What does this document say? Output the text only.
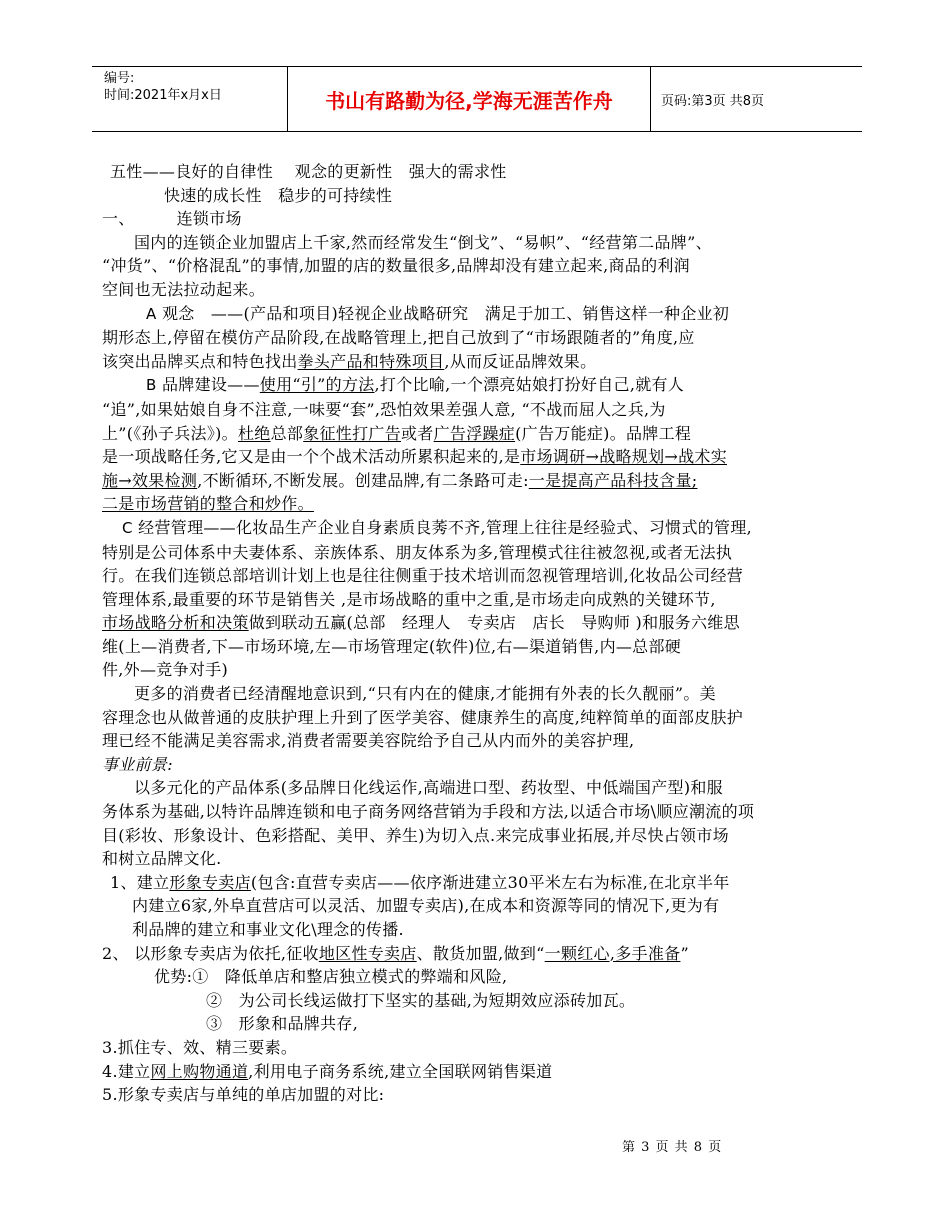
编号:
时间:2021年x月x日	书山有路勤为径,学海无涯苦作舟	页码:第3页 共8页

五性——良好的自律性　 观念的更新性　强大的需求性

快速的成长性　稳步的可持续性

一、	连锁市场

国内的连锁企业加盟店上千家,然而经常发生“倒戈”、“易帜”、“经营第二品牌”、

“冲货”、“价格混乱”的事情,加盟的店的数量很多,品牌却没有建立起来,商品的利润

空间也无法拉动起来。

A 观念　——(产品和项目)轻视企业战略研究　满足于加工、销售这样一种企业初

期形态上,停留在模仿产品阶段,在战略管理上,把自己放到了“市场跟随者的”角度,应

该突出品牌买点和特色找出拳头产品和特殊项目,从而反证品牌效果。

B 品牌建设——使用“引”的方法,打个比喻,一个漂亮姑娘打扮好自己,就有人

“追”,如果姑娘自身不注意,一味要“套”,恐怕效果差强人意, “不战而屈人之兵,为

上”(《孙子兵法》)。杜绝总部象征性打广告或者广告浮躁症(广告万能症)。品牌工程

是一项战略任务,它又是由一个个战术活动所累积起来的,是市场调研→战略规划→战术实

施→效果检测,不断循环,不断发展。创建品牌,有二条路可走:一是提高产品科技含量;

二是市场营销的整合和炒作。

C 经营管理——化妆品生产企业自身素质良莠不齐,管理上往往是经验式、习惯式的管理,

特别是公司体系中夫妻体系、亲族体系、朋友体系为多,管理模式往往被忽视,或者无法执

行。在我们连锁总部培训计划上也是往往侧重于技术培训而忽视管理培训,化妆品公司经营

管理体系,最重要的环节是销售关 ,是市场战略的重中之重,是市场走向成熟的关键环节,

市场战略分析和决策做到联动五赢(总部　经理人　专卖店　店长　导购师 )和服务六维思

维(上—消费者,下—市场环境,左—市场管理定(软件)位,右—渠道销售,内—总部硬

件,外—竞争对手)

更多的消费者已经清醒地意识到,“只有内在的健康,才能拥有外表的长久靓丽”。美

容理念也从做普通的皮肤护理上升到了医学美容、健康养生的高度,纯粹简单的面部皮肤护

理已经不能满足美容需求,消费者需要美容院给予自己从内而外的美容护理,

事业前景:

以多元化的产品体系(多品牌日化线运作,高端进口型、药妆型、中低端国产型)和服

务体系为基础,以特许品牌连锁和电子商务网络营销为手段和方法,以适合市场\顺应潮流的项

目(彩妆、形象设计、色彩搭配、美甲、养生)为切入点.来完成事业拓展,并尽快占领市场

和树立品牌文化.

1、建立形象专卖店(包含:直营专卖店——依序渐进建立30平米左右为标准,在北京半年

内建立6家,外阜直营店可以灵活、加盟专卖店),在成本和资源等同的情况下,更为有

利品牌的建立和事业文化\理念的传播.

2、 以形象专卖店为依托,征收地区性专卖店、散货加盟,做到“一颗红心,多手准备”

优势:①　降低单店和整店独立模式的弊端和风险,

②　为公司长线运做打下坚实的基础,为短期效应添砖加瓦。

③　形象和品牌共存,

3.抓住专、效、精三要素。

4.建立网上购物通道,利用电子商务系统,建立全国联网销售渠道

5.形象专卖店与单纯的单店加盟的对比:

第 3 页 共 8 页
